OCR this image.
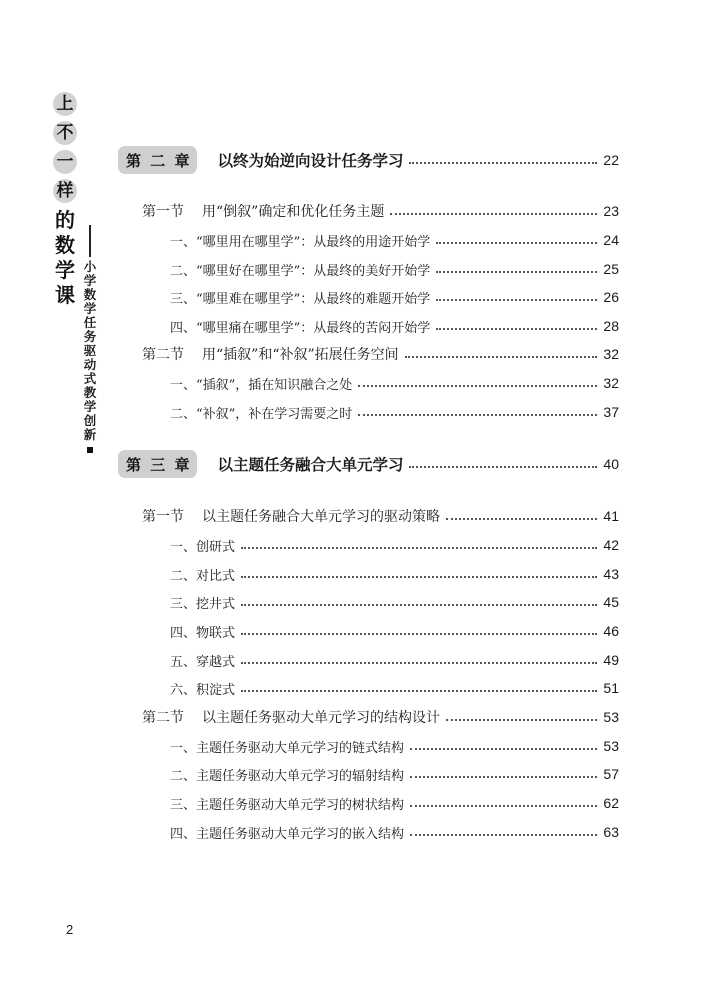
上
不
一
样
的
数
学
课
小
学
数
学
任
务
驱
动
式
教
学
创
新
第 二 章	以终为始逆向设计任务学习	22
第一节	用“倒叙”确定和优化任务主题	23
一、“哪里用在哪里学”：从最终的用途开始学	24
二、“哪里好在哪里学”：从最终的美好开始学	25
三、“哪里难在哪里学”：从最终的难题开始学	26
四、“哪里痛在哪里学”：从最终的苦闷开始学	28
第二节	用“插叙”和“补叙”拓展任务空间	32
一、“插叙”，插在知识融合之处	32
二、“补叙”，补在学习需要之时	37
第 三 章	以主题任务融合大单元学习	40
第一节	以主题任务融合大单元学习的驱动策略	41
一、创研式	42
二、对比式	43
三、挖井式	45
四、物联式	46
五、穿越式	49
六、积淀式	51
第二节	以主题任务驱动大单元学习的结构设计	53
一、主题任务驱动大单元学习的链式结构	53
二、主题任务驱动大单元学习的辐射结构	57
三、主题任务驱动大单元学习的树状结构	62
四、主题任务驱动大单元学习的嵌入结构	63
2
